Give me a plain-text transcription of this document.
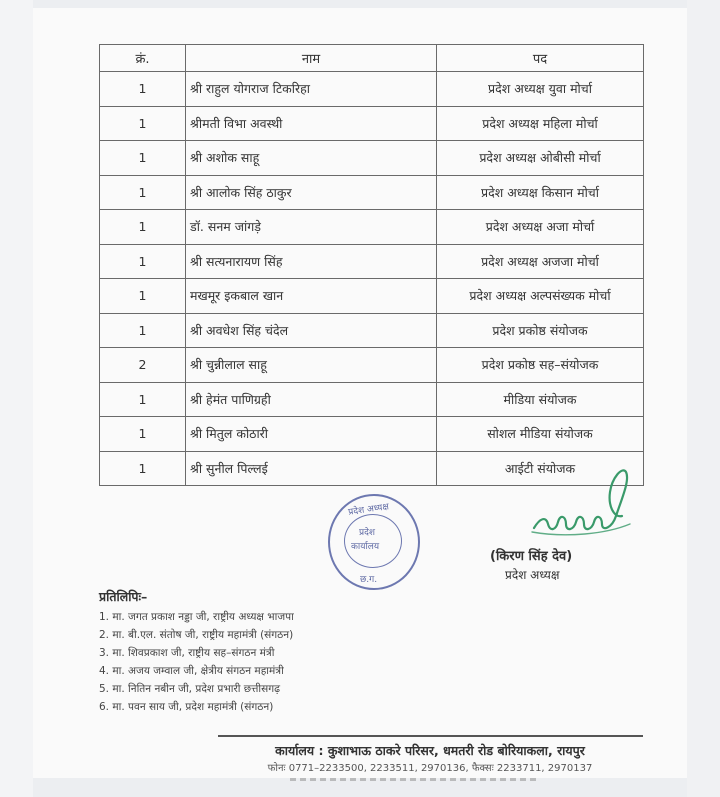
क्रं.	नाम	पद
1	श्री राहुल योगराज टिकरिहा	प्रदेश अध्यक्ष युवा मोर्चा
1	श्रीमती विभा अवस्थी	प्रदेश अध्यक्ष महिला मोर्चा
1	श्री अशोक साहू	प्रदेश अध्यक्ष ओबीसी मोर्चा
1	श्री आलोक सिंह ठाकुर	प्रदेश अध्यक्ष किसान मोर्चा
1	डॉ. सनम जांगड़े	प्रदेश अध्यक्ष अजा मोर्चा
1	श्री सत्यनारायण सिंह	प्रदेश अध्यक्ष अजजा मोर्चा
1	मखमूर इकबाल खान	प्रदेश अध्यक्ष अल्पसंख्यक मोर्चा
1	श्री अवधेश सिंह चंदेल	प्रदेश प्रकोष्ठ संयोजक
2	श्री चुन्नीलाल साहू	प्रदेश प्रकोष्ठ सह–संयोजक
1	श्री हेमंत पाणिग्रही	मीडिया संयोजक
1	श्री मितुल कोठारी	सोशल मीडिया संयोजक
1	श्री सुनील पिल्लई	आईटी संयोजक
प्रदेश अध्यक्ष
प्रदेश
कार्यालय
छ.ग.
(किरण सिंह देव)
प्रदेश अध्यक्ष
प्रतिलिपिः–
1. मा. जगत प्रकाश नड्डा जी, राष्ट्रीय अध्यक्ष भाजपा
2. मा. बी.एल. संतोष जी, राष्ट्रीय महामंत्री (संगठन)
3. मा. शिवप्रकाश जी, राष्ट्रीय सह–संगठन मंत्री
4. मा. अजय जम्वाल जी, क्षेत्रीय संगठन महामंत्री
5. मा. नितिन नबीन जी, प्रदेश प्रभारी छत्तीसगढ़
6. मा. पवन साय जी, प्रदेश महामंत्री (संगठन)
कार्यालय : कुशाभाऊ ठाकरे परिसर, धमतरी रोड बोरियाकला, रायपुर
फोनः 0771–2233500, 2233511, 2970136, फैक्सः 2233711, 2970137
